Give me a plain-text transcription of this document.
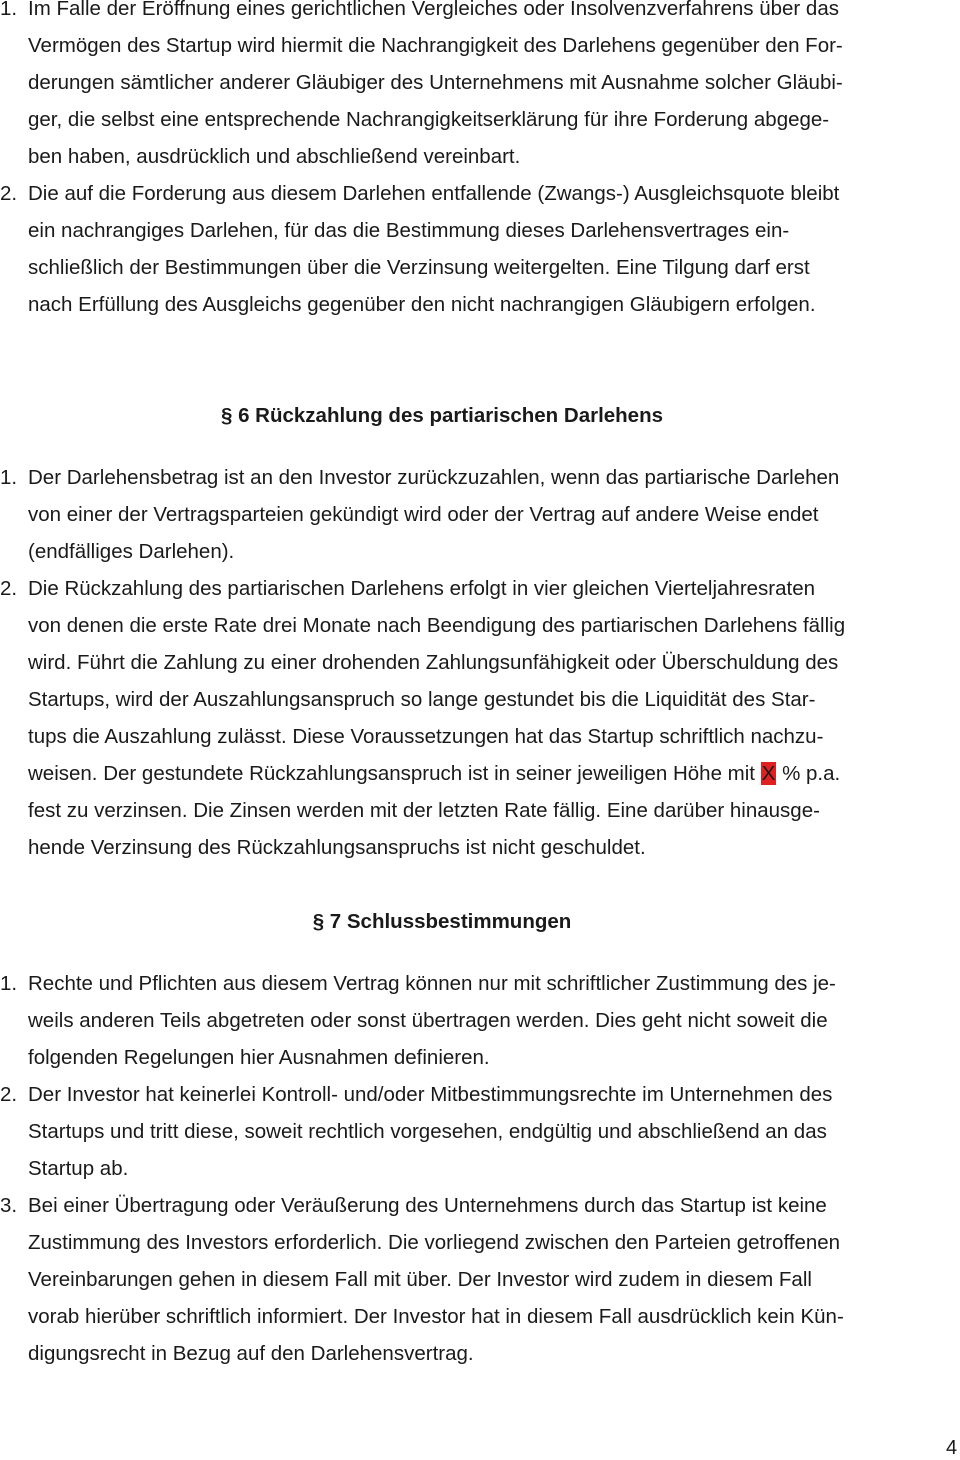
1. Im Falle der Eröffnung eines gerichtlichen Vergleiches oder Insolvenzverfahrens über das
Vermögen des Startup wird hiermit die Nachrangigkeit des Darlehens gegenüber den For-
derungen sämtlicher anderer Gläubiger des Unternehmens mit Ausnahme solcher Gläubi-
ger, die selbst eine entsprechende Nachrangigkeitserklärung für ihre Forderung abgege-
ben haben, ausdrücklich und abschließend vereinbart.
2. Die auf die Forderung aus diesem Darlehen entfallende (Zwangs-) Ausgleichsquote bleibt
ein nachrangiges Darlehen, für das die Bestimmung dieses Darlehensvertrages ein-
schließlich der Bestimmungen über die Verzinsung weitergelten. Eine Tilgung darf erst
nach Erfüllung des Ausgleichs gegenüber den nicht nachrangigen Gläubigern erfolgen.
§ 6 Rückzahlung des partiarischen Darlehens
1. Der Darlehensbetrag ist an den Investor zurückzuzahlen, wenn das partiarische Darlehen
von einer der Vertragsparteien gekündigt wird oder der Vertrag auf andere Weise endet
(endfälliges Darlehen).
2. Die Rückzahlung des partiarischen Darlehens erfolgt in vier gleichen Vierteljahresraten
von denen die erste Rate drei Monate nach Beendigung des partiarischen Darlehens fällig
wird. Führt die Zahlung zu einer drohenden Zahlungsunfähigkeit oder Überschuldung des
Startups, wird der Auszahlungsanspruch so lange gestundet bis die Liquidität des Star-
tups die Auszahlung zulässt. Diese Voraussetzungen hat das Startup schriftlich nachzu-
weisen. Der gestundete Rückzahlungsanspruch ist in seiner jeweiligen Höhe mit X % p.a.
fest zu verzinsen. Die Zinsen werden mit der letzten Rate fällig. Eine darüber hinausge-
hende Verzinsung des Rückzahlungsanspruchs ist nicht geschuldet.
§ 7 Schlussbestimmungen
1. Rechte und Pflichten aus diesem Vertrag können nur mit schriftlicher Zustimmung des je-
weils anderen Teils abgetreten oder sonst übertragen werden. Dies geht nicht soweit die
folgenden Regelungen hier Ausnahmen definieren.
2. Der Investor hat keinerlei Kontroll- und/oder Mitbestimmungsrechte im Unternehmen des
Startups und tritt diese, soweit rechtlich vorgesehen, endgültig und abschließend an das
Startup ab.
3. Bei einer Übertragung oder Veräußerung des Unternehmens durch das Startup ist keine
Zustimmung des Investors erforderlich. Die vorliegend zwischen den Parteien getroffenen
Vereinbarungen gehen in diesem Fall mit über. Der Investor wird zudem in diesem Fall
vorab hierüber schriftlich informiert. Der Investor hat in diesem Fall ausdrücklich kein Kün-
digungsrecht in Bezug auf den Darlehensvertrag.
4
